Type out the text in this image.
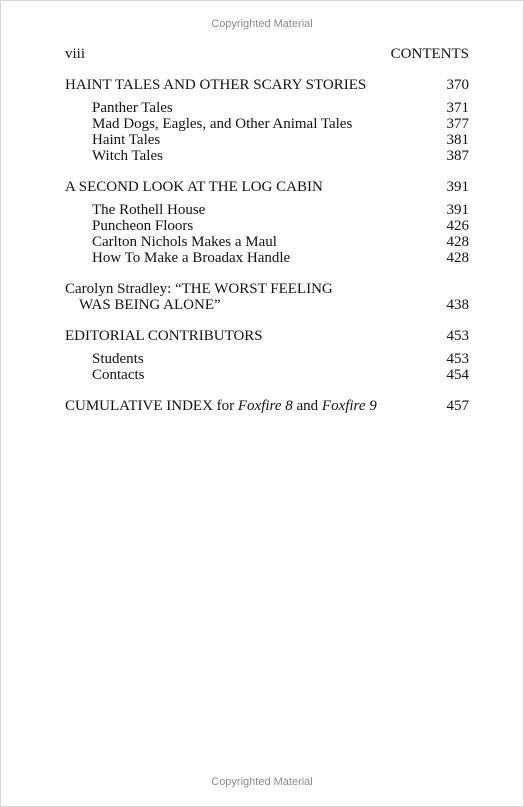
Copyrighted Material
viii	CONTENTS
HAINT TALES AND OTHER SCARY STORIES	370
Panther Tales	371
Mad Dogs, Eagles, and Other Animal Tales	377
Haint Tales	381
Witch Tales	387
A SECOND LOOK AT THE LOG CABIN	391
The Rothell House	391
Puncheon Floors	426
Carlton Nichols Makes a Maul	428
How To Make a Broadax Handle	428
Carolyn Stradley: “THE WORST FEELING
WAS BEING ALONE”	438
EDITORIAL CONTRIBUTORS	453
Students	453
Contacts	454
CUMULATIVE INDEX for Foxfire 8 and Foxfire 9	457
Copyrighted Material
